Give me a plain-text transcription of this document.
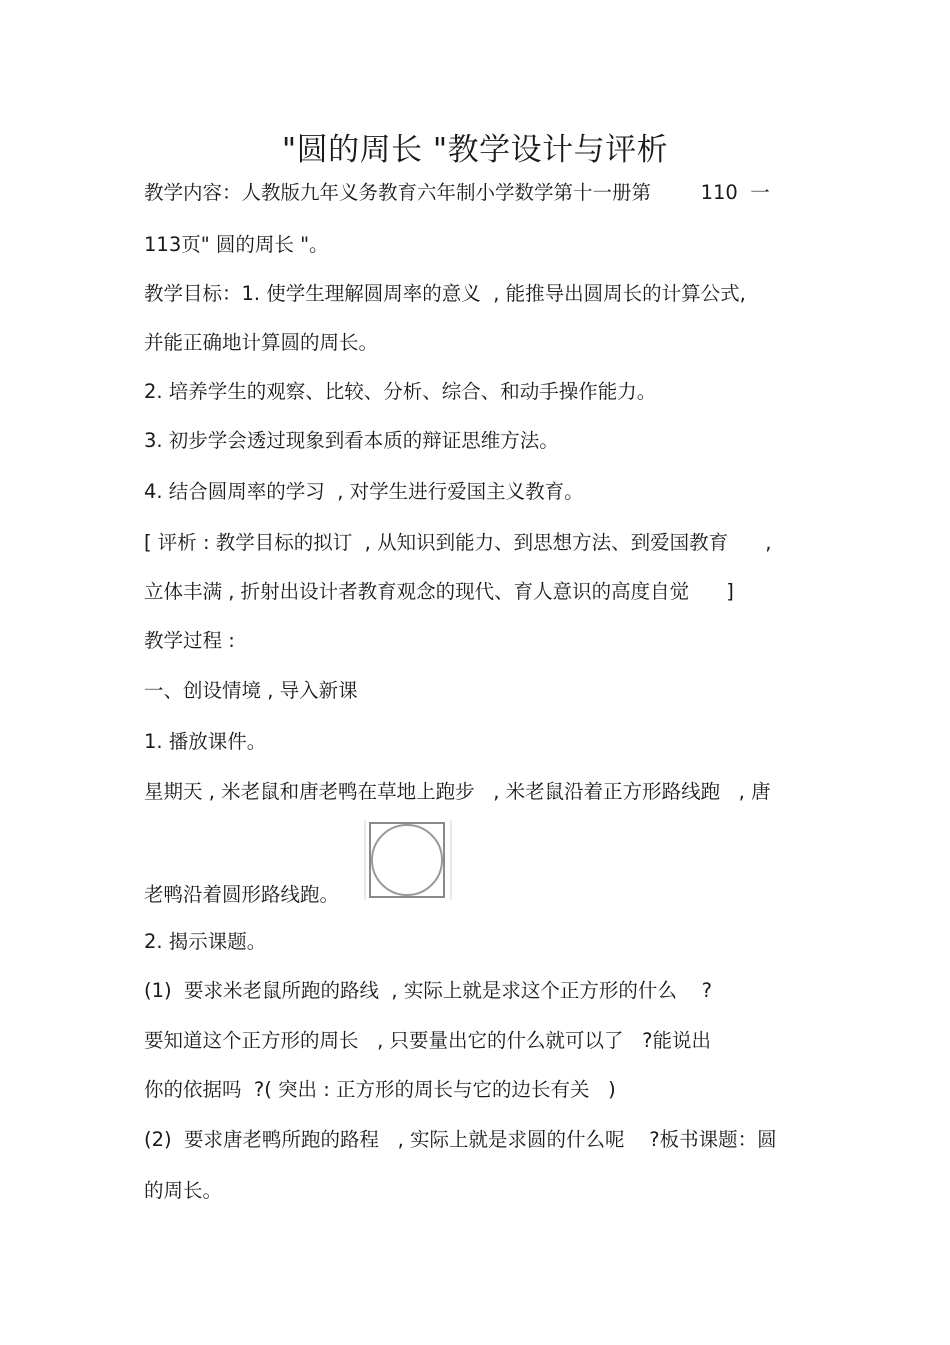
"圆的周长 "教学设计与评析
教学内容：人教版九年义务教育六年制小学数学第十一册第        110  一
113页" 圆的周长 "。
教学目标：1. 使学生理解圆周率的意义  , 能推导出圆周长的计算公式,
并能正确地计算圆的周长。
2. 培养学生的观察、比较、分析、综合、和动手操作能力。
3. 初步学会透过现象到看本质的辩证思维方法。
4. 结合圆周率的学习  , 对学生进行爱国主义教育。
[ 评析 : 教学目标的拟订  , 从知识到能力、到思想方法、到爱国教育      ,
立体丰满 , 折射出设计者教育观念的现代、育人意识的高度自觉      ]
教学过程 :
一、创设情境 , 导入新课
1. 播放课件。
星期天 , 米老鼠和唐老鸭在草地上跑步   , 米老鼠沿着正方形路线跑   , 唐
老鸭沿着圆形路线跑。
2. 揭示课题。
(1)  要求米老鼠所跑的路线  , 实际上就是求这个正方形的什么    ?
要知道这个正方形的周长   , 只要量出它的什么就可以了   ?能说出
你的依据吗  ?( 突出 : 正方形的周长与它的边长有关   )
(2)  要求唐老鸭所跑的路程   , 实际上就是求圆的什么呢    ?板书课题：圆
的周长。
